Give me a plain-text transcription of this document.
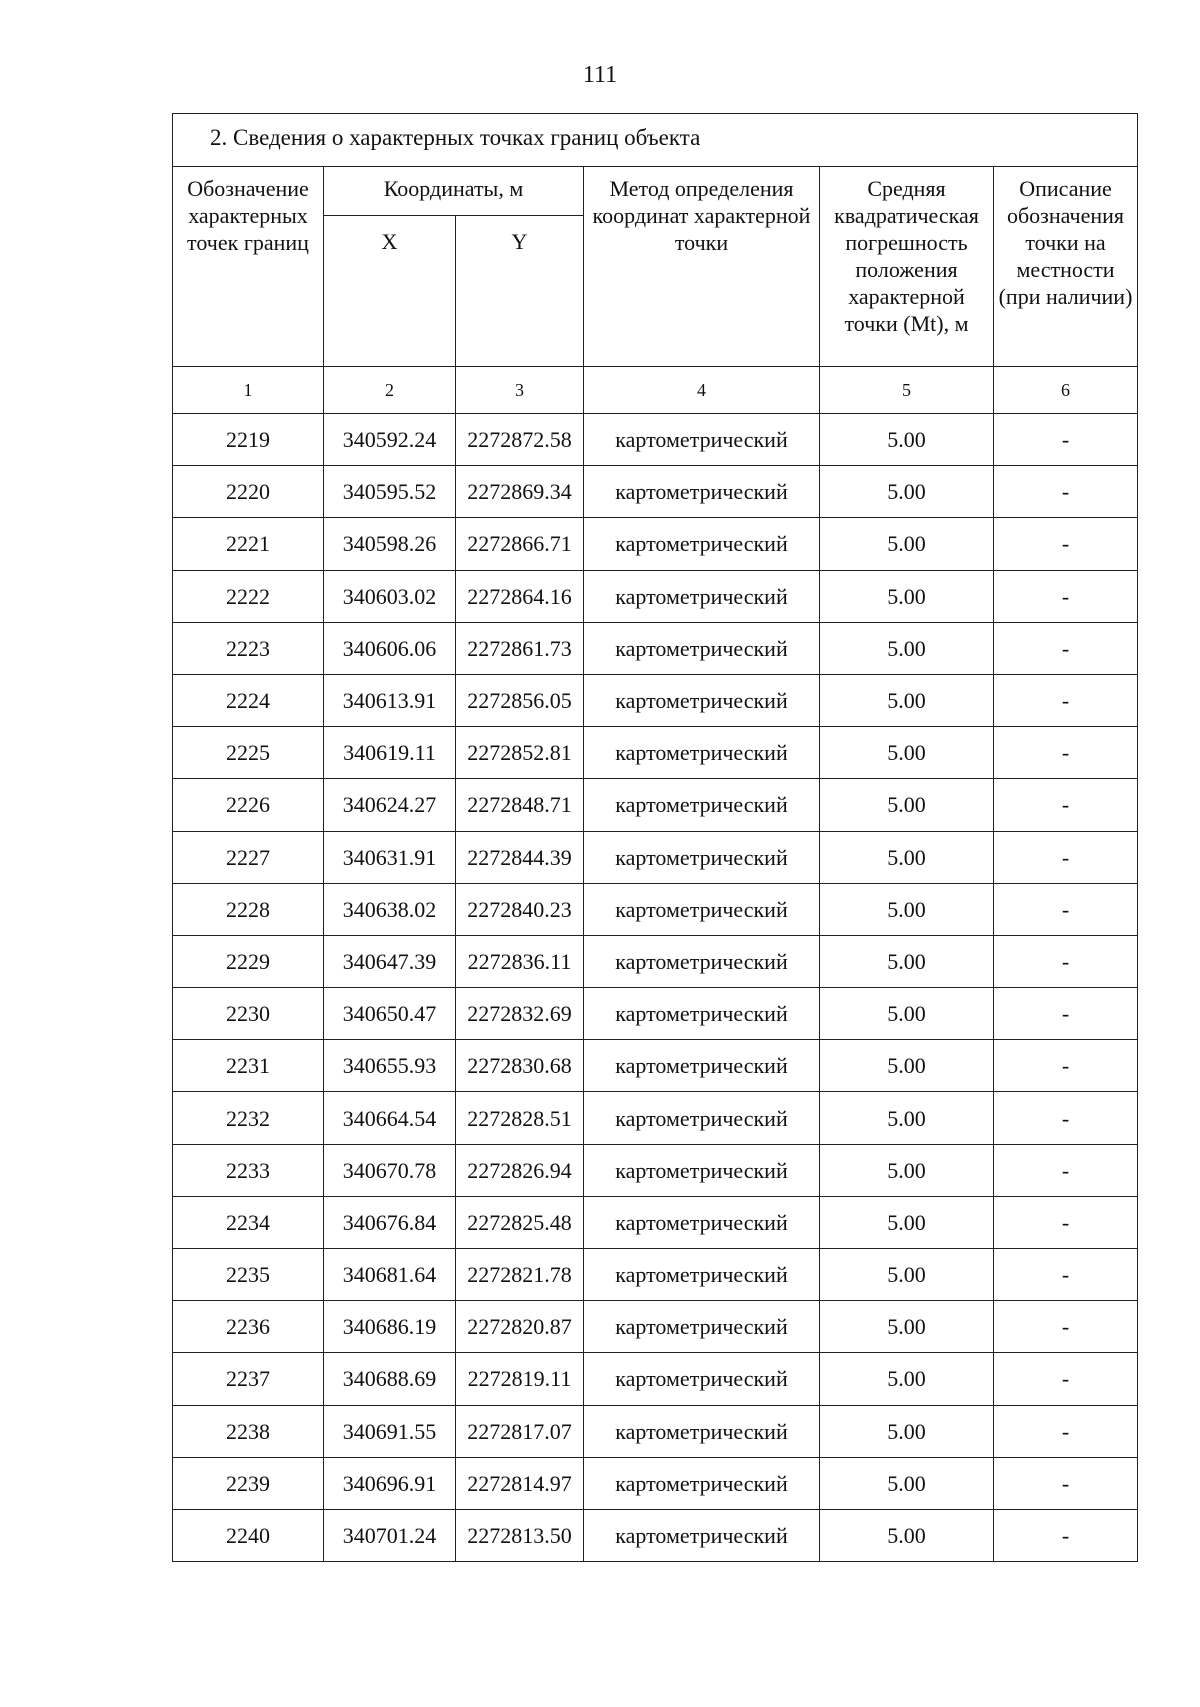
111
2. Сведения о характерных точках границ объекта					
Обозначение характерных точек границ	Координаты, м		Метод определения координат характерной точки	Средняя квадратическая погрешность положения характерной точки (Mt), м	Описание обозначения точки на местности (при наличии)
	X	Y			
1	2	3	4	5	6
2219	340592.24	2272872.58	картометрический	5.00	-
2220	340595.52	2272869.34	картометрический	5.00	-
2221	340598.26	2272866.71	картометрический	5.00	-
2222	340603.02	2272864.16	картометрический	5.00	-
2223	340606.06	2272861.73	картометрический	5.00	-
2224	340613.91	2272856.05	картометрический	5.00	-
2225	340619.11	2272852.81	картометрический	5.00	-
2226	340624.27	2272848.71	картометрический	5.00	-
2227	340631.91	2272844.39	картометрический	5.00	-
2228	340638.02	2272840.23	картометрический	5.00	-
2229	340647.39	2272836.11	картометрический	5.00	-
2230	340650.47	2272832.69	картометрический	5.00	-
2231	340655.93	2272830.68	картометрический	5.00	-
2232	340664.54	2272828.51	картометрический	5.00	-
2233	340670.78	2272826.94	картометрический	5.00	-
2234	340676.84	2272825.48	картометрический	5.00	-
2235	340681.64	2272821.78	картометрический	5.00	-
2236	340686.19	2272820.87	картометрический	5.00	-
2237	340688.69	2272819.11	картометрический	5.00	-
2238	340691.55	2272817.07	картометрический	5.00	-
2239	340696.91	2272814.97	картометрический	5.00	-
2240	340701.24	2272813.50	картометрический	5.00	-
